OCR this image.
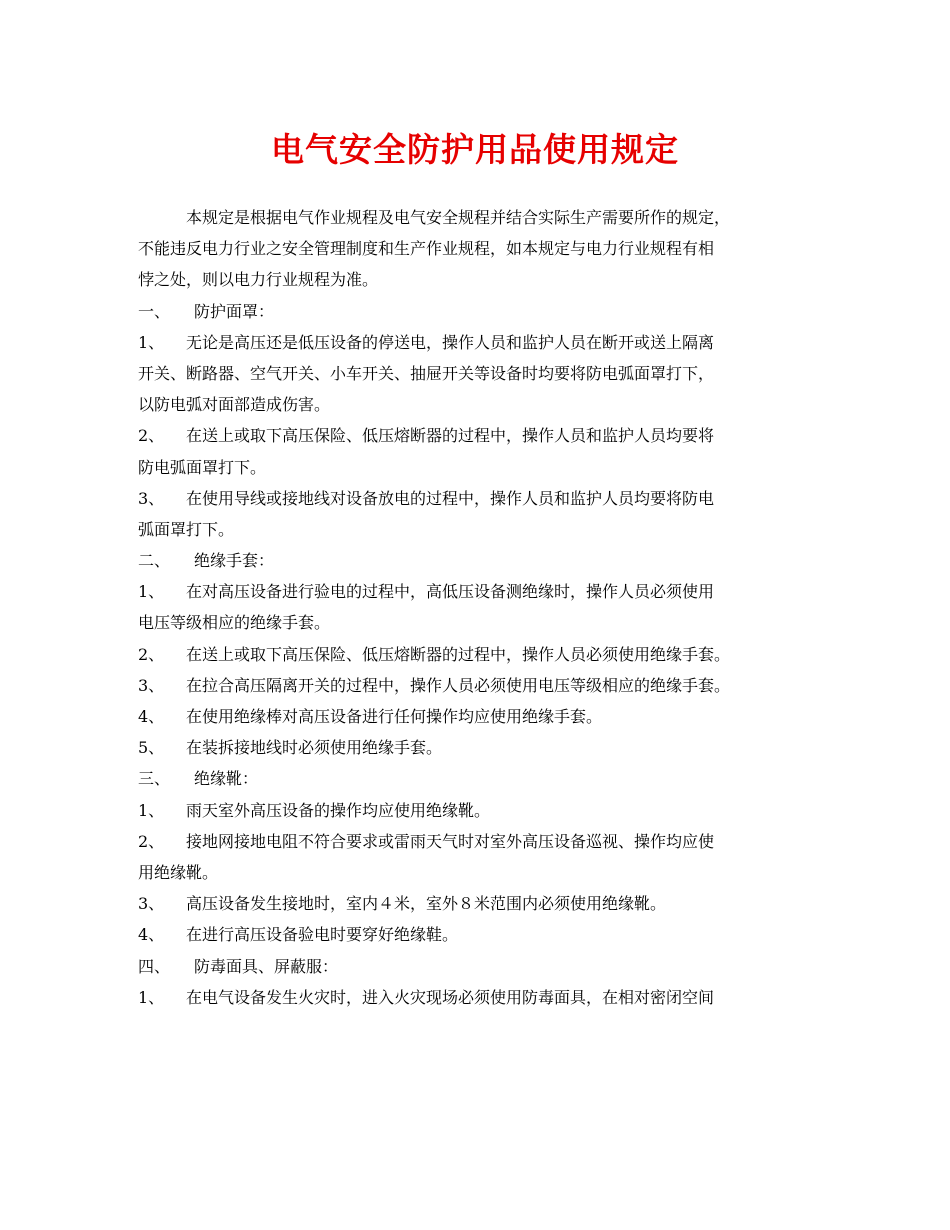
电气安全防护用品使用规定
本规定是根据电气作业规程及电气安全规程并结合实际生产需要所作的规定，
不能违反电力行业之安全管理制度和生产作业规程，如本规定与电力行业规程有相
悖之处，则以电力行业规程为准。
一、 防护面罩：
1、 无论是高压还是低压设备的停送电，操作人员和监护人员在断开或送上隔离
开关、断路器、空气开关、小车开关、抽屉开关等设备时均要将防电弧面罩打下，
以防电弧对面部造成伤害。
2、 在送上或取下高压保险、低压熔断器的过程中，操作人员和监护人员均要将
防电弧面罩打下。
3、 在使用导线或接地线对设备放电的过程中，操作人员和监护人员均要将防电
弧面罩打下。
二、 绝缘手套：
1、 在对高压设备进行验电的过程中，高低压设备测绝缘时，操作人员必须使用
电压等级相应的绝缘手套。
2、 在送上或取下高压保险、低压熔断器的过程中，操作人员必须使用绝缘手套。
3、 在拉合高压隔离开关的过程中，操作人员必须使用电压等级相应的绝缘手套。
4、 在使用绝缘棒对高压设备进行任何操作均应使用绝缘手套。
5、 在装拆接地线时必须使用绝缘手套。
三、 绝缘靴：
1、 雨天室外高压设备的操作均应使用绝缘靴。
2、 接地网接地电阻不符合要求或雷雨天气时对室外高压设备巡视、操作均应使
用绝缘靴。
3、 高压设备发生接地时，室内４米，室外８米范围内必须使用绝缘靴。
4、 在进行高压设备验电时要穿好绝缘鞋。
四、 防毒面具、屏蔽服：
1、 在电气设备发生火灾时，进入火灾现场必须使用防毒面具，在相对密闭空间
